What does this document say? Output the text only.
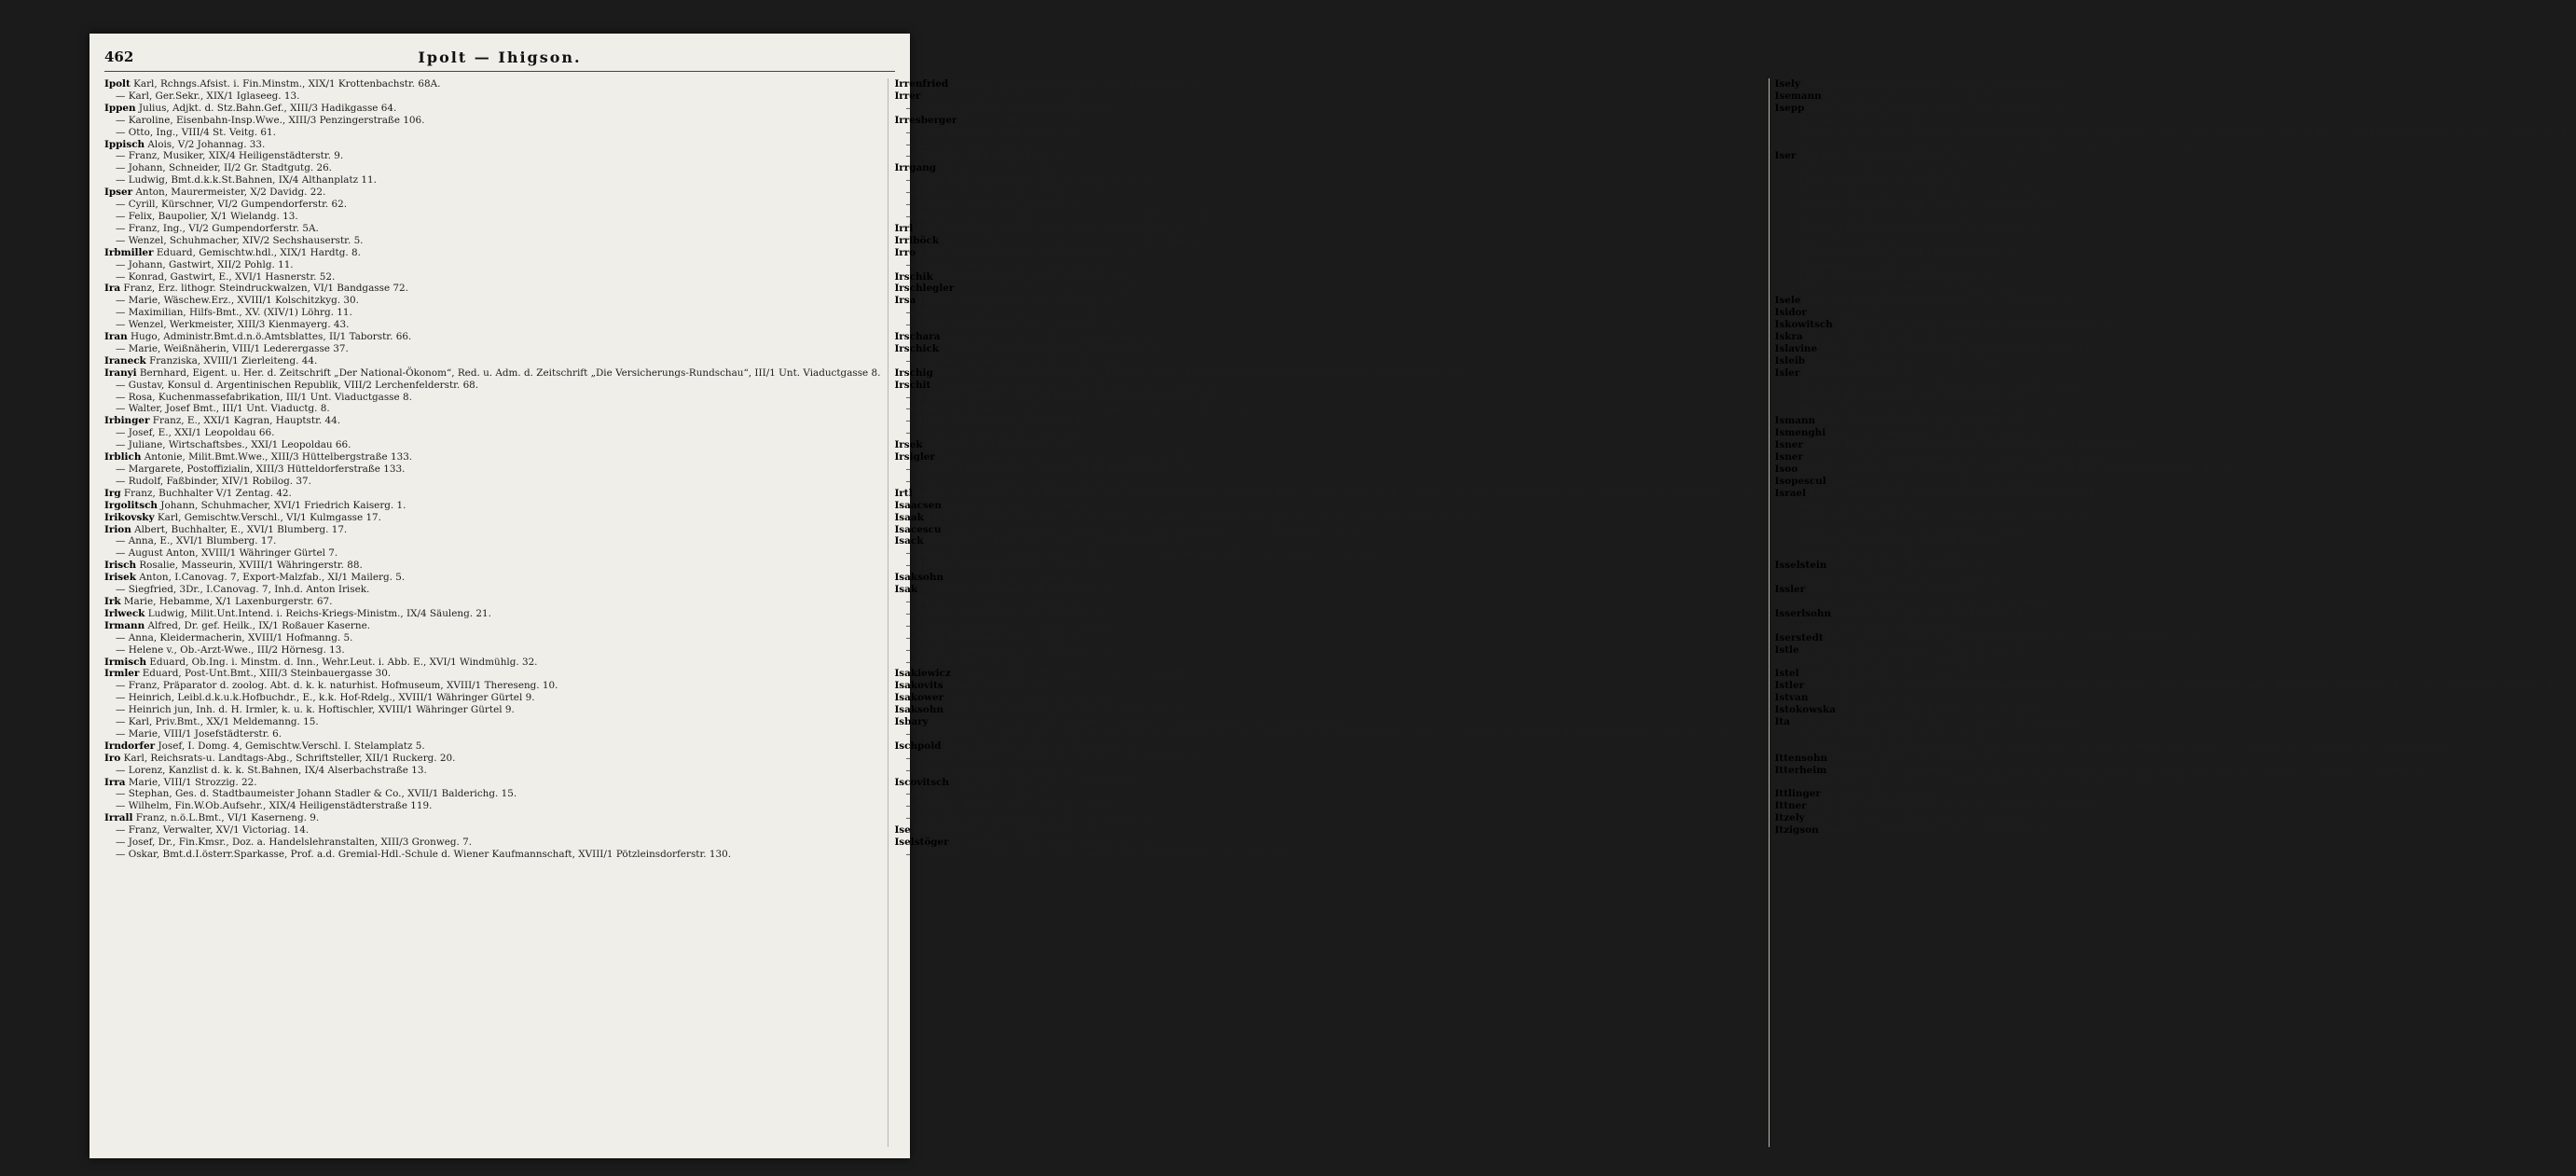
462	Ipolt — Ihigson.
Ipolt Karl, Rchngs.Afsist. i. Fin.Minstm., XIX/1 Krottenbachstr. 68A.
— Karl, Ger.Sekr., XIX/1 Iglaseeg. 13.
Ippen Julius, Adjkt. d. Stz.Bahn.Gef., XIII/3 Hadikgasse 64.
— Karoline, Eisenbahn-Insp.Wwe., XIII/3 Penzingerstraße 106.
— Otto, Ing., VIII/4 St. Veitg. 61.
Ippisch Alois, V/2 Johannag. 33.
— Franz, Musiker, XIX/4 Heiligenstädterstr. 9.
— Johann, Schneider, II/2 Gr. Stadtgutg. 26.
— Ludwig, Bmt.d.k.k.St.Bahnen, IX/4 Althanplatz 11.
Ipser Anton, Maurermeister, X/2 Davidg. 22.
— Cyrill, Kürschner, VI/2 Gumpendorferstr. 62.
— Felix, Baupolier, X/1 Wielandg. 13.
— Franz, Ing., VI/2 Gumpendorferstr. 5A.
— Wenzel, Schuhmacher, XIV/2 Sechshauserstr. 5.
Irbmiller Eduard, Gemischtw.hdl., XIX/1 Hardtg. 8.
— Johann, Gastwirt, XII/2 Pohlg. 11.
— Konrad, Gastwirt, E., XVI/1 Hasnerstr. 52.
Ira Franz, Erz. lithogr. Steindruckwalzen, VI/1 Bandgasse 72.
— Marie, Wäschew.Erz., XVIII/1 Kolschitzkyg. 30.
— Maximilian, Hilfs-Bmt., XV. (XIV/1) Löhrg. 11.
— Wenzel, Werkmeister, XIII/3 Kienmayerg. 43.
Iran Hugo, Administr.Bmt.d.n.ö.Amtsblattes, II/1 Taborstr. 66.
— Marie, Weißnäherin, VIII/1 Lederergasse 37.
Iraneck Franziska, XVIII/1 Zierleiteng. 44.
Iranyi Bernhard, Eigent. u. Her. d. Zeitschrift „Der National-Ökonom“, Red. u. Adm. d. Zeitschrift „Die Versicherungs-Rundschau“, III/1 Unt. Viaductgasse 8.
— Gustav, Konsul d. Argentinischen Republik, VIII/2 Lerchenfelderstr. 68.
— Rosa, Kuchenmassefabrikation, III/1 Unt. Viaductgasse 8.
— Walter, Josef Bmt., III/1 Unt. Viaductg. 8.
Irbinger Franz, E., XXI/1 Kagran, Hauptstr. 44.
— Josef, E., XXI/1 Leopoldau 66.
— Juliane, Wirtschaftsbes., XXI/1 Leopoldau 66.
Irblich Antonie, Milit.Bmt.Wwe., XIII/3 Hüttelbergstraße 133.
— Margarete, Postoffizialin, XIII/3 Hütteldorferstraße 133.
— Rudolf, Faßbinder, XIV/1 Robilog. 37.
Irg Franz, Buchhalter V/1 Zentag. 42.
Irgolitsch Johann, Schuhmacher, XVI/1 Friedrich Kaiserg. 1.
Irikovsky Karl, Gemischtw.Verschl., VI/1 Kulmgasse 17.
Irion Albert, Buchhalter, E., XVI/1 Blumberg. 17.
— Anna, E., XVI/1 Blumberg. 17.
— August Anton, XVIII/1 Währinger Gürtel 7.
Irisch Rosalie, Masseurin, XVIII/1 Währingerstr. 88.
Irisek Anton, I.Canovag. 7, Export-Malzfab., XI/1 Mailerg. 5.
— Siegfried, 3Dr., I.Canovag. 7, Inh.d. Anton Irisek.
Irk Marie, Hebamme, X/1 Laxenburgerstr. 67.
Irlweck Ludwig, Milit.Unt.Intend. i. Reichs-Kriegs-Ministm., IX/4 Säuleng. 21.
Irmann Alfred, Dr. gef. Heilk., IX/1 Roßauer Kaserne.
— Anna, Kleidermacherin, XVIII/1 Hofmanng. 5.
— Helene v., Ob.-Arzt-Wwe., III/2 Hörnesg. 13.
Irmisch Eduard, Ob.Ing. i. Minstm. d. Inn., Wehr.Leut. i. Abb. E., XVI/1 Windmühlg. 32.
Irmler Eduard, Post-Unt.Bmt., XIII/3 Steinbauergasse 30.
— Franz, Präparator d. zoolog. Abt. d. k. k. naturhist. Hofmuseum, XVIII/1 Thereseng. 10.
— Heinrich, Leibl.d.k.u.k.Hofbuchdr., E., k.k. Hof-Rdelg., XVIII/1 Währinger Gürtel 9.
— Heinrich jun, Inh. d. H. Irmler, k. u. k. Hoftischler, XVIII/1 Währinger Gürtel 9.
— Karl, Priv.Bmt., XX/1 Meldemanng. 15.
— Marie, VIII/1 Josefstädterstr. 6.
Irndorfer Josef, I. Domg. 4, Gemischtw.Verschl. I. Stelamplatz 5.
Iro Karl, Reichsrats-u. Landtags-Abg., Schriftsteller, XII/1 Ruckerg. 20.
— Lorenz, Kanzlist d. k. k. St.Bahnen, IX/4 Alserbachstraße 13.
Irra Marie, VIII/1 Strozzig. 22.
— Stephan, Ges. d. Stadtbaumeister Johann Stadler & Co., XVII/1 Balderichg. 15.
— Wilhelm, Fin.W.Ob.Aufsehr., XIX/4 Heiligenstädterstraße 119.
Irrall Franz, n.ö.L.Bmt., VI/1 Kaserneng. 9.
— Franz, Verwalter, XV/1 Victoriag. 14.
— Josef, Dr., Fin.Kmsr., Doz. a. Handelslehranstalten, XIII/3 Gronweg. 7.
— Oskar, Bmt.d.I.österr.Sparkasse, Prof. a.d. Gremial-Hdl.-Schule d. Wiener Kaufmannschaft, XVIII/1 Pötzleinsdorferstr. 130.
Irrenfried Matthias, Grundbuchsführer, VIII/1 Tigergasse 33.
Irrer Eduard, Gastwirt, XIX/1 Friedlg. 11.
— Johann, Kaffeesieder, IX/4 Nußdorferstr. 73.
Irresberger Ernest, VIII/1 Josefstädterstr. 28.
— Josef, Priv.Bmt., IX/4 Sigmundsg. 16.
— Ludmilla, VII/1 Sigmundsg. 16.
— Therese, VII/1 Dreilauferg. 14.
Irrgang Gustav, XV/1 Herklotzg. 32.
— Josef, Hdl.-Angestellter, VII/1 Neubau-Gürtel 28.
— Oswald, Hdl.-Reisender, XVIII/1 Schulg. 25.
— Rudolf, Stanist, XIV/1 Linieng. 38.
— Rudolf, Papierhdl., XIII/3 Steinbauerg. 22, G. XII/2 Schönbrunnerstr. 188.
Irrl Aug., Kassier d. NBahn., XIII/3 Anton Langergasse 18.
Irrlböck August, Bmt. d. I. ung. allg. Assek.Ges., XII/1 Fabrikeg. 12.
Irro Franz, Buchhalter, IV/1 Johann Straußg. 24.
— Johann, Drechsler, XVI/1 Liebhardtsg. 48.
Irschik Rudolf, Fuhrmann, XIII/3 Linzerstr. 250.
Irschlegler Johann (Rosalie), Kostgeber, I. Singerstr. 8.
Irsa Johann, Schuhmacher, VI/1 Floriang. 26.
— Julius, Geschäftsdiener, V/1 Schloßg. 1.
— Marie, Viktualienhdl., IV/1 Heumühlg. 18.
Irschara Marie, Bmt.Wwe., XVIII/1 Schopenhauerstr. 55.
Irschick Lambert, Viktualien-Verschl., VI/1 Engelg. 5.
— Norbert, Gemischtw.Verschl., XVII/1 Tauberg. 2.
Irschig Adolf, k. k. Reichsratsstenograph, Leiter d. österr. Landtags-Stenographenbureaus, IV/1 Schönburgstr. 110.
Irschit Ferdinand, Rchngs.Revid. i. Fin.Minstm., IX/4 Alserbachstr. 18.
— Friedrich, Revid. d. k. k. St.Bahnen, XIII/3 Lainzerstraße 138.
— Hans, Architekt u. Stadtbaumstr., V/1 Bacherplatz 9, G. VII/1 Lindeng. 21.
— Josef, Amtsdiener, I. Judenplatz 11.
— Wenzel, Schneider, II/2 Leopoldsg. 23.
Irsek Mauritius, X/1 Quellenstr. 143.
Irsigler Franz, Zollamts-Offzl., II/1 Sofienbrückengasse 18.
— Johann, Magazinmstr. d. SBahn., XII/1 Eichenstraße 21.
— Therese, Postoffiziantin, XII/1 Dörfelstr. 10.
Irtl Adolf, Dr. gef. Heilk., k. k. Polizeiarzt, Arzt d. Hofburgtheater, Operateur, Bes. d. türk. Osm.O. 4. K. d. span. J.-O., III/1 Weißgerberg. 21 (2—4 an Sonn- u. Feiertagen 9—10).
Isaacsen Alfred, Bank-Bmt., IX/1 Bergg. 17.
Isaak Khan, pers. Gen., kais. pers. a.o. Gesandter u. bevollm. Minister, Gen.Adjt. Sr. Maj. d. Schah, IV/1 Gußhausstr. 29.
Isacescu Walpurga v., Kanzlistin d. NBahn., Bes. d. rum. Elisabeth-Krz., II/1 Erzherzog Carl-Platz 20.
Isack Anna Sich W. Insp. Wwe., XIII/3 Steckhovengasse 5.
— Anton, E., VI/1 Gumpendorferstr. 88A, Prof. d. Atlien-Gesellschaft R. Ph. Waagner L. & J. Biró & A. Kurz.
— Lorenz, Eisenpänner, XII/1 Gurkg. 16.
Isaksohn A., XV. (XIV/1) Wurzbachg. 16.
Isak Alexander, Kaufmann, III/1 Tempelg. 8.
— Franz, Drechsler, XV/1 Flachg. 48.
— Johann, Tischler, XV/1 Sechshausg. 5.
— Johann, Amtsdiener, II/1 Ausstellungsstr. 27.
— Josef, Briefträger, II/1 Cirkusg. 47.
— Josef, Schuhmacher, XV/1 Felberstr. 84.
— Therese, II/1 Circusg. 5.
Isakiewicz Johanna, Gemischtw.-Verschl. IV/1 Favoritenstr. 27.
Isakovits Ignaz, VIII/1 Strozzig. 2.
Isakower Sigmund, Reisender, II/1 Darwing. 11.
Isaksohn Willy, Amins Weinhdl., XV. (XIV/1) Wurzbachg. 16.
Isbary Emma Freiin v., geb. Edle Maurer v. Cronegg u. Ungarnthen, E. VIII/1 Auerspergstr. 5.
— Rudolf Freih. v., Amzl. R. E., Verw. R. d. I. Wiener Zeitungs-Ges., R. d. belg. L. O., IV/1 Schönfelsg. 5, Inh. d. H. Hawatsch & Isbary, I. Concordiaplatz 1, Börseg. 2—4.
Ischpold Adolf, Poliz.Dir. Offzl., II/1 Hörnesg. 23.
— Johann, Zimmer- u. Dekorationsmaler, V/1 Vogelsangg. 18.
— Marie, Hebamme, III/1 Hörnesg. 23.
Iscovitsch Armand R., Hdl.-Agentur, VII/1 Burgg. 72.
— Ottilie, VII/1 Neustiftg. 70.
— Wilhelm, Kaufm., IV/1 Kleine Neugasse 25.
— Karl, Buchdruckereiarbeiter, XIV/1 Felberstr. 58.
Ise Heinrich, Ing., XII/1 Rosenhügelstr. 8.
Iselstöger Anton, Bmt., VIII/1 Lerchenfelderstr. 156.
— Josef, Dir. d. mähr.-schlesischen Mietwäsche-Unternehmung, XV/1 Jägerstr. 45.
Isely Martin, Hufeisenstollen-Erz., XVIII/1 Antonigasse 94.
Isemann Karl, Ing., XIX/1 Sieveringerstr. 91.
Isepp Artur, Kanzlist i. Minstm. d. Inn., IX/1 Sobieskig. 25.
— Karl Anton, Priv.Bmt., XI/1 Arndtstr. 8.
— Luigi, k. k. Red. d. ital. Ausgabe d. Reichsgesetzblatt, beid. Ger.-Dolmetsch f. d. ital. Sprache, E., R. d. it. Kr.O., XIII/1 Weinberggasse 29, Bur. I. Salvatorg. 12.
— Rosa, Schule f. ital. u. franz. Sprache u. f. weibl. Handarbeiten, II/1 Praterstr. 42.
Iser Adalbert, X/1 Inzersdorferstr. 101.
— Anton, Schneider, XXI/1 Kagran, Hirschstettenerstr. 21.
— Franz, Oberlehrer, X/1 Seidlg. 35.
— Franz, Kanzlist im Eisenbahn-Minstm., XVI/1 Hippg. 36.
— Josef, Fleischselcher, XXI/1 Aspern Stadlauerstr. 218.
— Josef, Werkführer, X/1 Favoritenstr. 99.
— Johann, Pferdefleischhauer, XXI/1 Floridsdorf 32.
— Karl, VIII/1 Langeg. 19.
— Leopold, Milchhdl., XXI/1 Leopoldauerstr. 45.
— Magdalene, E., XXI/1 Donaustr. 20.
— Marie, Wäschew.Erz., VIII/1 Langeg. 19.
— Therese, Weinschänkerin, XXI/1 Hamerlingg. 72.
Isele Josef, Ob.Ing. i. Eisenbahn-Minstm., IV/1 Schwindg. 15.
Isidor Max, Agent, II/1 Taborstr. 66.
Iskowitsch Wladimir, 3Dr., Rechtsanwalt, XIX/1 Döblinger Hauptstr. 6.
Iskra Anton, Hafner, E., XIX/1 Kreindlg. 12.
Islavine Leon, kais. russ. Generalkonsul, III/1 Reisnerstraße 45.
Isleib Helene, Fleischhauer-Wwe., III/1 Erdbergstr. 53.
Isler Fanni, II/1 Taborstr. 72.
— Klothilde, II/1 Lessingg. 19, Branntweinschank II/1 Taborstr. 72.
— Leopold, Dr. gef. Heilk., IV/1 Favoritenstr. 40.
— Philipp, Branntweinschänker, XVI/1 Ottakringerstraße 56.
Ismann Isaak, Bürstenmacher, XX/1 Lehmarg. 40.
Ismenghi Karl, Großfuhrmann, E., XII/1 Breitenfurterstr. 10.
Isner Gustav, Fab. f. Sprechmaschinen u. Elektrotechnik, I. Franzensring 22.
Isner & May, Ultra-Trockenelemente, Musterlager I. Franzensring 22.
Isoo Eugen v., Dr. gef. Heilk., Zahnarzt, I. Kärntnerstraße 12 (nur an Wochentagen 8—1 u. 3—6).
Isopescul Aglaia, Schul.-R.Wwe., XVIII/1 Währingerstr. 125.
Israel Emil, Schuhmacher, XVIII/1 Johann Nepomuk Vogl-Platz 4.
— Hirsch, II/1 Scholzg. 18.
— Konstantin, Vertr. d. F. Karl v. Schmoll, XVIII/1 Martinsg. 30.
— Rosa, I. Hoher Markt 12, Hut-Ndlge. I. Judeng. 2.
— Salomon, Hutmacher, I. Hoher Markt 12.
— Samuel, Hdl.-Agent, II/1 Scholzg. 18.
Isselstein Paul, Priv.Bmt., II/1 Taborstr. 102.
— Philipp, Post-Exped., XVIII/1 Miesbachstr. 27.
Issler Josef, Weinagent, XVI/1 Hasnerstr. 3.
— Samuel, Goldschmied u. Juwelier, XII/1 Ehrenfelsg. 8.
Isserlsohn Johanna, Wäschew.Erz., III/1 Ignazg. 13.
— Samuel, Kaufmann, XII/1 Ignazg. 13.
Iserstedt Louis, Sattler u. Riemer, VIII/1 Josefstädterstr. 52, G. VIII/1 Auerspergstr. 15.
Istle Franziska, Postoffiziantin, XVIII/1 Staudg. 76.
— Josef, Schuhmacher, II/1 Stuwerstr. 33.
Istel Georg, Buchhalter, XV/1 Palmg. 3.
Istler Franz Edler v., Bes. einer Dampf-Roßhaarspinnerei, Inter. Grg. L. Priv. Unt., Evid. IX/1 Franz v. Istler, IX/1 Grüne-Torg. 12, G. IX/1 Maria-Theresienstr. 17.
Istvan Rosa, IV/1 Preßg. 23.
Istokowska Stephanie v., Min.R.Wwe., VII/1 Neustiftg. 17.
Ita Gottfried, R. Ita, Bäcker, Mehl- u. Grieshdl., III/1 Reisnerstr. 3.
— Gustav, Hut-Fabr., XIII/1 Hadikg. 124.
— J. Heinrich, k.u.k. Hof-Hutfabrikant, XIII/1 Linzerstraße 140, Inh. d. Heinr. Ita, Ndlgn. I. Graben 16 (I. Kohlmarkt 1), I. Schottenring 2.
Ittensohn Heinrich, Friseur, V/1 Embelg. 49.
Itterheim Heinrich, IX/1 Servitenz. 22, Dir. u. Verw. R. d. Ersten Schattauer Thonw. Fab. Akt.-Ges. (vorm. C. Schlimp), I. Seilerg. 14.
— Ludwig, Hdl. mit photograph. Bedarfsartikeln, Lichtpausanstalt, I. Seilerg. 14.
Ittlinger Johanna, IX/1 Lenoberg. 4.
Ittner Raimund, Gemischtw.Verschl., Wirkwarenhdl., I. Spiegelg. 2.
Itzely Josef (Mathilde), Kaffeesieder, IV/1 Luiseng. 22.
Itzigson Jeannette, Milch-Verschl., II/1 Schiffamtsg. 19.
